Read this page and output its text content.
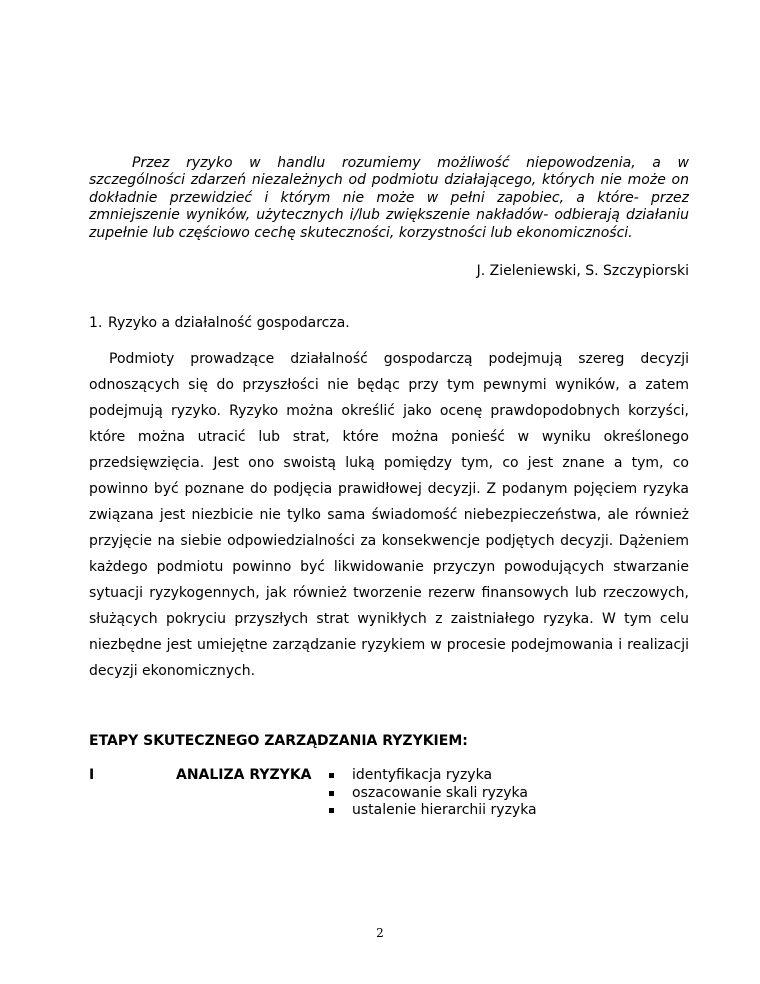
Przez ryzyko w handlu rozumiemy możliwość niepowodzenia, a w szczególności zdarzeń niezależnych od podmiotu działającego, których nie może on dokładnie przewidzieć i którym nie może w pełni zapobiec, a które- przez zmniejszenie wyników, użytecznych i/lub zwiększenie nakładów- odbierają działaniu zupełnie lub częściowo cechę skuteczności, korzystności lub ekonomiczności.

J. Zieleniewski, S. Szczypiorski

1. Ryzyko a działalność gospodarcza.

Podmioty prowadzące działalność gospodarczą podejmują szereg decyzji odnoszących się do przyszłości nie będąc przy tym pewnymi wyników, a zatem podejmują ryzyko. Ryzyko można określić jako ocenę prawdopodobnych korzyści, które można utracić lub strat, które można ponieść w wyniku określonego przedsięwzięcia. Jest ono swoistą luką pomiędzy tym, co jest znane a tym, co powinno być poznane do podjęcia prawidłowej decyzji. Z podanym pojęciem ryzyka związana jest niezbicie nie tylko sama świadomość niebezpieczeństwa, ale również przyjęcie na siebie odpowiedzialności za konsekwencje podjętych decyzji. Dążeniem każdego podmiotu powinno być likwidowanie przyczyn powodujących stwarzanie sytuacji ryzykogennych, jak również tworzenie rezerw finansowych lub rzeczowych, służących pokryciu przyszłych strat wynikłych z zaistniałego ryzyka. W tym celu niezbędne jest umiejętne zarządzanie ryzykiem w procesie podejmowania i realizacji decyzji ekonomicznych.

ETAPY SKUTECZNEGO ZARZĄDZANIA RYZYKIEM:

I	ANALIZA RYZYKA	identyfikacja ryzyka
oszacowanie skali ryzyka
ustalenie hierarchii ryzyka
2
